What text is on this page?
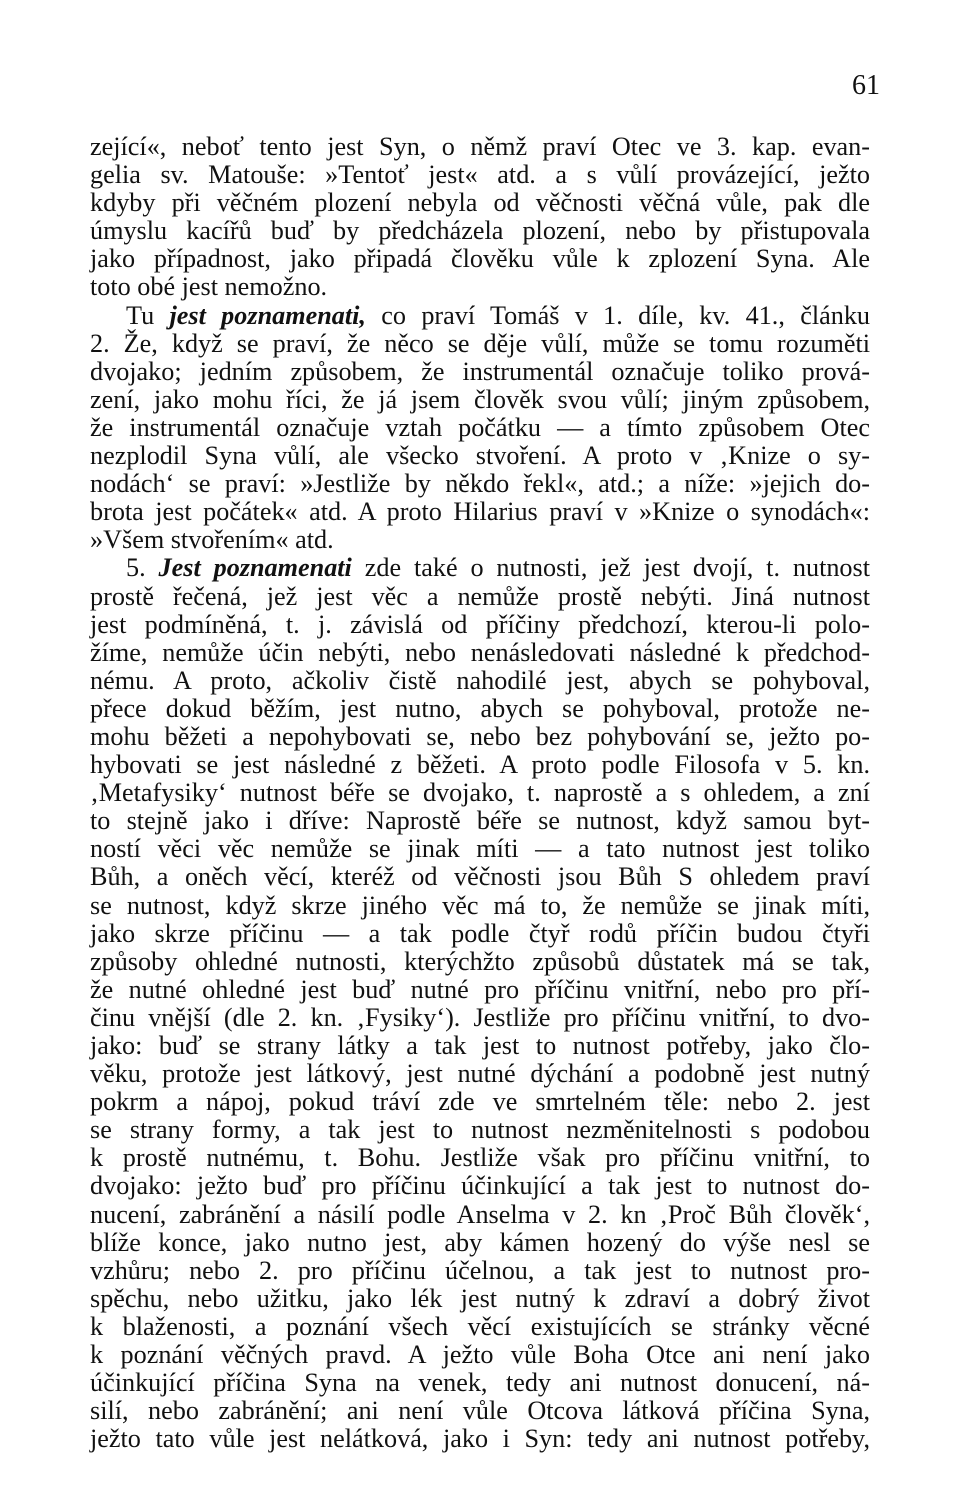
61
zející«, neboť tento jest Syn, o němž praví Otec ve 3. kap. evan-
gelia sv. Matouše: »Tentoť jest« atd. a s vůlí provázející, ježto
kdyby při věčném plození nebyla od věčnosti věčná vůle, pak dle
úmyslu kacířů buď by předcházela plození, nebo by přistupovala
jako případnost, jako připadá člověku vůle k zplození Syna. Ale
toto obé jest nemožno.
Tu jest poznamenati, co praví Tomáš v 1. díle, kv. 41., článku
2. Že, když se praví, že něco se děje vůlí, může se tomu rozuměti
dvojako; jedním způsobem, že instrumentál označuje toliko prová-
zení, jako mohu říci, že já jsem člověk svou vůlí; jiným způsobem,
že instrumentál označuje vztah počátku — a tímto způsobem Otec
nezplodil Syna vůlí, ale všecko stvoření. A proto v ‚Knize o sy-
nodách‘ se praví: »Jestliže by někdo řekl«, atd.; a níže: »jejich do-
brota jest počátek« atd. A proto Hilarius praví v »Knize o synodách«:
»Všem stvořením« atd.
5. Jest poznamenati zde také o nutnosti, jež jest dvojí, t. nutnost
prostě řečená, jež jest věc a nemůže prostě nebýti. Jiná nutnost
jest podmíněná, t. j. závislá od příčiny předchozí, kterou-li polo-
žíme, nemůže účin nebýti, nebo nenásledovati následné k předchod-
nému. A proto, ačkoliv čistě nahodilé jest, abych se pohyboval,
přece dokud běžím, jest nutno, abych se pohyboval, protože ne-
mohu běžeti a nepohybovati se, nebo bez pohybování se, ježto po-
hybovati se jest následné z běžeti. A proto podle Filosofa v 5. kn.
‚Metafysiky‘ nutnost béře se dvojako, t. naprostě a s ohledem, a zní
to stejně jako i dříve: Naprostě béře se nutnost, když samou byt-
ností věci věc nemůže se jinak míti — a tato nutnost jest toliko
Bůh, a oněch věcí, kteréž od věčnosti jsou Bůh S ohledem praví
se nutnost, když skrze jiného věc má to, že nemůže se jinak míti,
jako skrze příčinu — a tak podle čtyř rodů příčin budou čtyři
způsoby ohledné nutnosti, kterýchžto způsobů důstatek má se tak,
že nutné ohledné jest buď nutné pro příčinu vnitřní, nebo pro pří-
činu vnější (dle 2. kn. ‚Fysiky‘). Jestliže pro příčinu vnitřní, to dvo-
jako: buď se strany látky a tak jest to nutnost potřeby, jako člo-
věku, protože jest látkový, jest nutné dýchání a podobně jest nutný
pokrm a nápoj, pokud tráví zde ve smrtelném těle: nebo 2. jest
se strany formy, a tak jest to nutnost nezměnitelnosti s podobou
k prostě nutnému, t. Bohu. Jestliže však pro příčinu vnitřní, to
dvojako: ježto buď pro příčinu účinkující a tak jest to nutnost do-
nucení, zabránění a násilí podle Anselma v 2. kn ‚Proč Bůh člověk‘,
blíže konce, jako nutno jest, aby kámen hozený do výše nesl se
vzhůru; nebo 2. pro příčinu účelnou, a tak jest to nutnost pro-
spěchu, nebo užitku, jako lék jest nutný k zdraví a dobrý život
k blaženosti, a poznání všech věcí existujících se stránky věcné
k poznání věčných pravd. A ježto vůle Boha Otce ani není jako
účinkující příčina Syna na venek, tedy ani nutnost donucení, ná-
silí, nebo zabránění; ani není vůle Otcova látková příčina Syna,
ježto tato vůle jest nelátková, jako i Syn: tedy ani nutnost potřeby,
